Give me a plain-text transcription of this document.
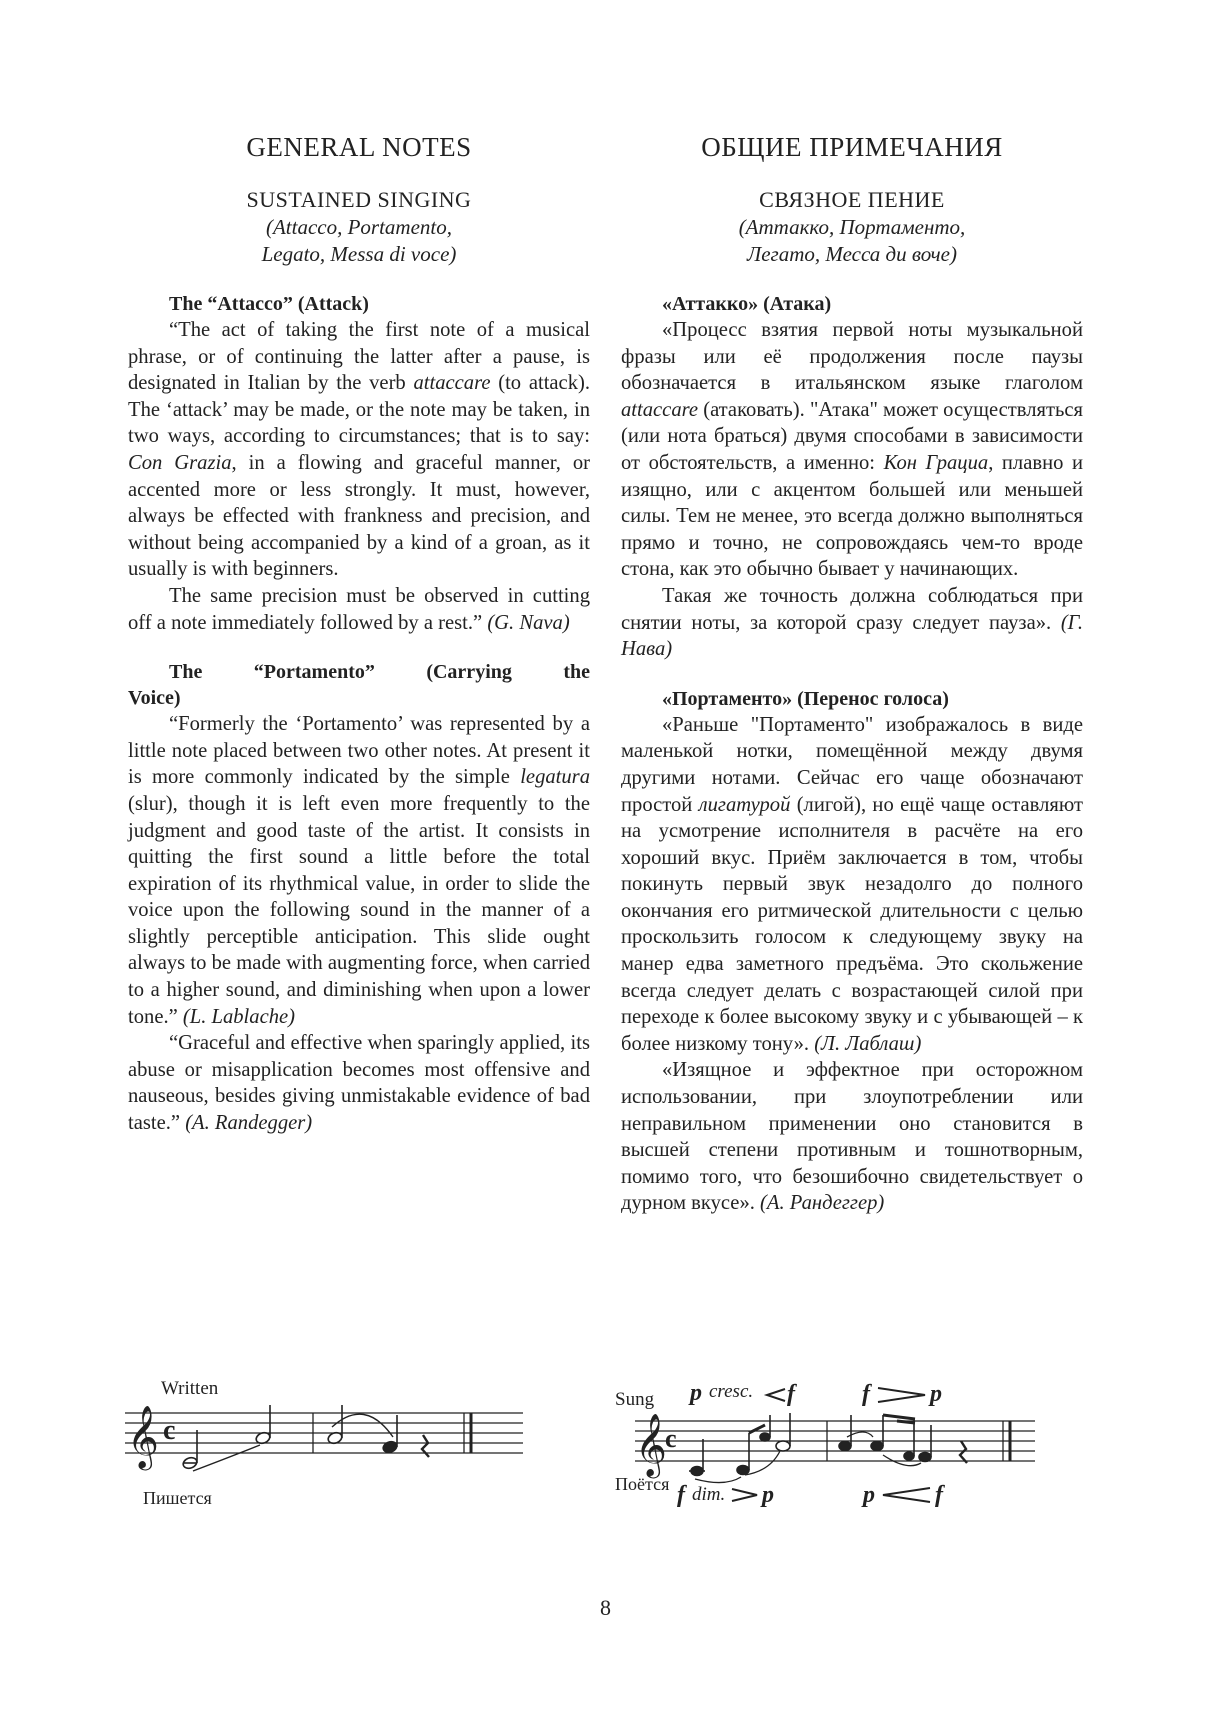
GENERAL NOTES

SUSTAINED SINGING

(Attacco, Portamento,

Legato, Messa di voce)

The “Attacco” (Attack)

“The act of taking the first note of a musical phrase, or of continuing the latter after a pause, is designated in Italian by the verb attaccare (to attack). The ‘attack’ may be made, or the note may be taken, in two ways, according to circumstances; that is to say: Con Grazia, in a flowing and graceful manner, or accented more or less strongly. It must, however, always be effected with frankness and precision, and without being accompanied by a kind of a groan, as it usually is with beginners.

The same precision must be observed in cutting off a note immediately followed by a rest.” (G. Nava)

The “Portamento” (Carrying the
Voice)

“Formerly the ‘Portamento’ was represented by a little note placed between two other notes. At present it is more commonly indicated by the simple legatura (slur), though it is left even more frequently to the judgment and good taste of the artist. It consists in quitting the first sound a little before the total expiration of its rhythmical value, in order to slide the voice upon the following sound in the manner of a slightly perceptible anticipation. This slide ought always to be made with augmenting force, when carried to a higher sound, and diminishing when upon a lower tone.” (L. Lablache)

“Graceful and effective when sparingly applied, its abuse or misapplication becomes most offensive and nauseous, besides giving unmistakable evidence of bad taste.” (A. Randegger)

ОБЩИЕ ПРИМЕЧАНИЯ

СВЯЗНОЕ ПЕНИЕ

(Аттакко, Портаменто,

Легато, Месса ди воче)

«Аттакко» (Атака)

«Процесс взятия первой ноты музыкальной фразы или её продолжения после паузы обозначается в итальянском языке глаголом attaccare (атаковать). "Атака" может осуществляться (или нота браться) двумя способами в зависимости от обстоятельств, а именно: Кон Грациа, плавно и изящно, или с акцентом большей или меньшей силы. Тем не менее, это всегда должно выполняться прямо и точно, не сопровождаясь чем-то вроде стона, как это обычно бывает у начинающих.

Такая же точность должна соблюдаться при снятии ноты, за которой сразу следует пауза». (Г. Нава)

«Портаменто» (Перенос голоса)

«Раньше "Портаменто" изображалось в виде маленькой нотки, помещённой между двумя другими нотами. Сейчас его чаще обозначают простой лигатурой (лигой), но ещё чаще оставляют на усмотрение исполнителя в расчёте на его хороший вкус. Приём заключается в том, чтобы покинуть первый звук незадолго до полного окончания его ритмической длительности с целью проскользить голосом к следующему звуку на манер едва заметного предъёма. Это скольжение всегда следует делать с возрастающей силой при переходе к более высокому звуку и с убывающей – к более низкому тону». (Л. Лаблаш)

«Изящное и эффектное при осторожном использовании, при злоупотреблении или неправильном применении оно становится в высшей степени противным и тошнотворным, помимо того, что безошибочно свидетельствует о дурном вкусе». (А. Рандеггер)

Written
𝄞 c
Пишется
Sung p cresc. f	f	p
𝄞
c
Поётся f dim. p	p	f
8
